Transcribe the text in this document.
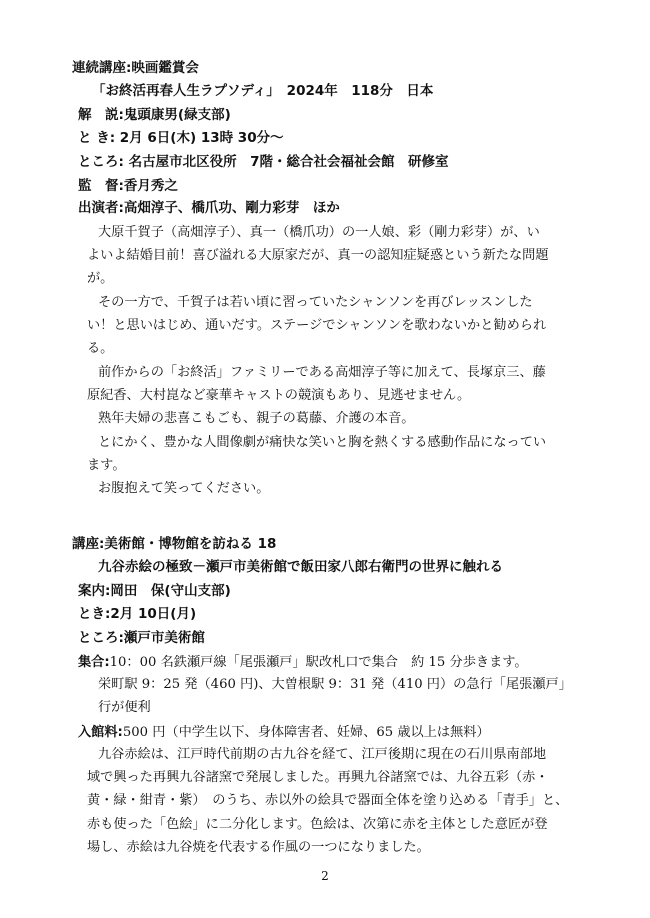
連続講座:映画鑑賞会
「お終活再春人生ラプソディ」　2024年　118分　日本
解　説:鬼頭康男(緑支部)
と き: 2月 6日(木) 13時 30分～
ところ: 名古屋市北区役所　7階・総合社会福祉会館　研修室
監　督:香月秀之
出演者:高畑淳子、橋爪功、剛力彩芽　ほか
大原千賀子（高畑淳子）、真一（橋爪功）の一人娘、彩（剛力彩芽）が、い
よいよ結婚目前！喜び溢れる大原家だが、真一の認知症疑惑という新たな問題
が。
その一方で、千賀子は若い頃に習っていたシャンソンを再びレッスンした
い！と思いはじめ、通いだす。ステージでシャンソンを歌わないかと勧められ
る。
前作からの「お終活」ファミリーである高畑淳子等に加えて、長塚京三、藤
原紀香、大村崑など豪華キャストの競演もあり、見逃せません。
熟年夫婦の悲喜こもごも、親子の葛藤、介護の本音。
とにかく、豊かな人間像劇が痛快な笑いと胸を熱くする感動作品になってい
ます。
お腹抱えて笑ってください。
講座:美術館・博物館を訪ねる 18
九谷赤絵の極致－瀬戸市美術館で飯田家八郎右衛門の世界に触れる
案内:岡田　保(守山支部)
とき:2月 10日(月)
ところ:瀬戸市美術館
集合:10：00 名鉄瀬戸線「尾張瀬戸」駅改札口で集合　約 15 分歩きます。
栄町駅 9：25 発（460 円)、大曽根駅 9：31 発（410 円）の急行「尾張瀬戸」
行が便利
入館料:500 円（中学生以下、身体障害者、妊婦、65 歳以上は無料）
九谷赤絵は、江戸時代前期の古九谷を経て、江戸後期に現在の石川県南部地
域で興った再興九谷諸窯で発展しました。再興九谷諸窯では、九谷五彩（赤・
黄・緑・紺青・紫）　のうち、赤以外の絵具で器面全体を塗り込める「青手」と、
赤も使った「色絵」に二分化します。色絵は、次第に赤を主体とした意匠が登
場し、赤絵は九谷焼を代表する作風の一つになりました。
2
